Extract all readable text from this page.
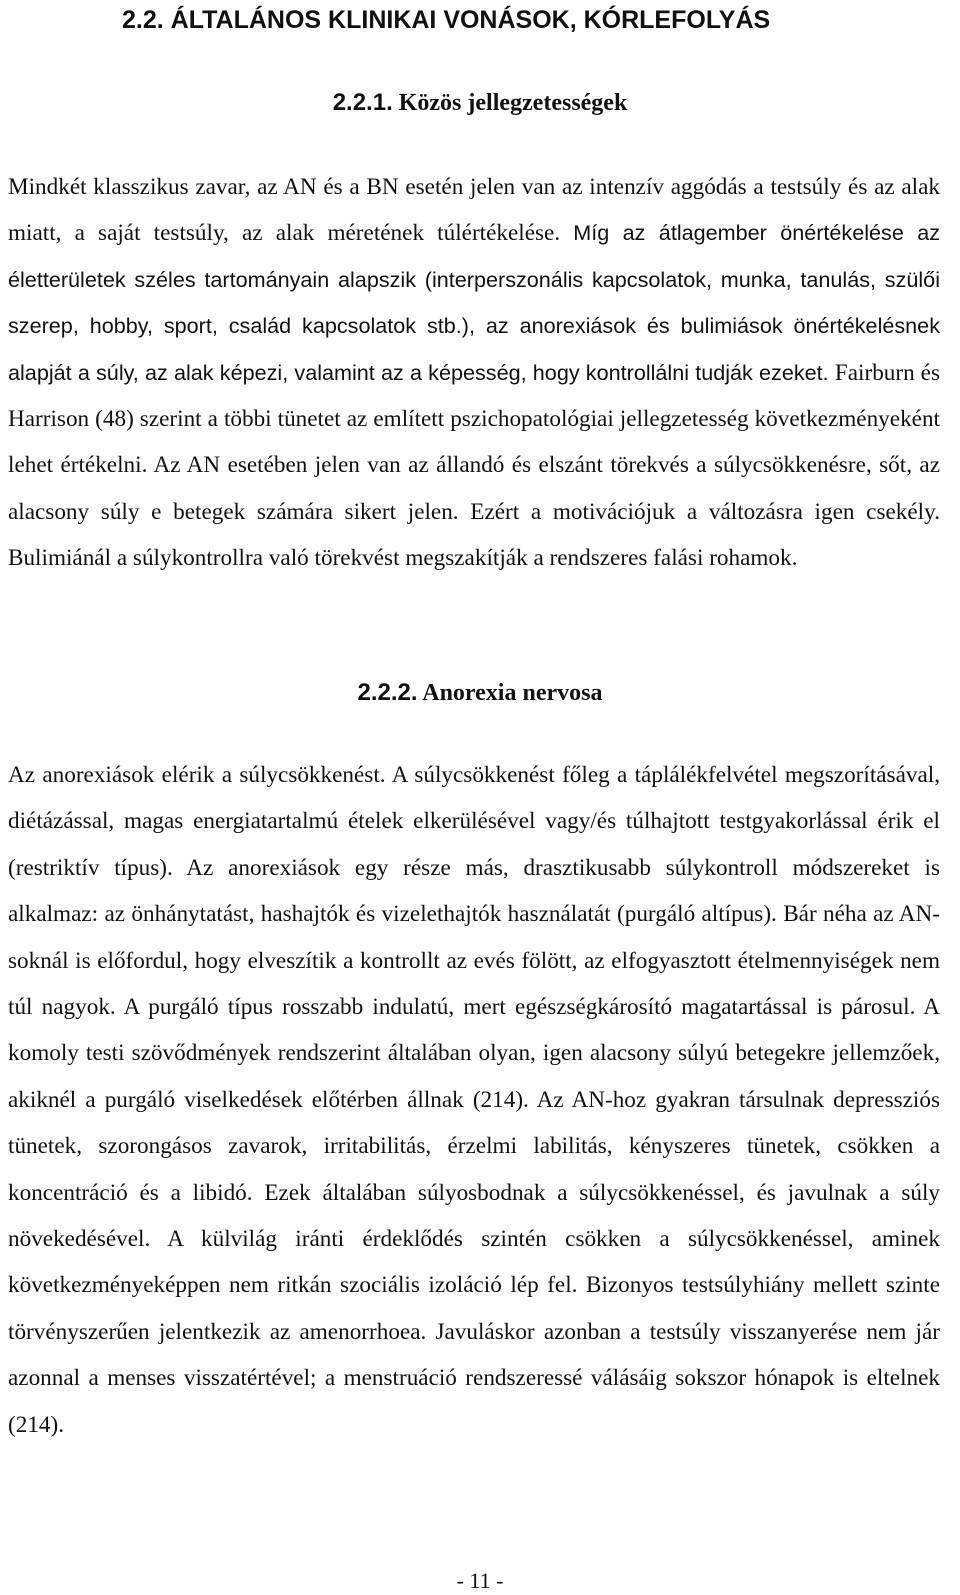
2.2. ÁLTALÁNOS KLINIKAI VONÁSOK, KÓRLEFOLYÁS
2.2.1. Közös jellegzetességek

Mindkét klasszikus zavar, az AN és a BN esetén jelen van az intenzív aggódás a testsúly és az alak miatt, a saját testsúly, az alak méretének túlértékelése. Míg az átlagember önértékelése az életterületek széles tartományain alapszik (interperszonális kapcsolatok, munka, tanulás, szülői szerep, hobby, sport, család kapcsolatok stb.), az anorexiások és bulimiások önértékelésnek alapját a súly, az alak képezi, valamint az a képesség, hogy kontrollálni tudják ezeket. Fairburn és Harrison (48) szerint a többi tünetet az említett pszichopatológiai jellegzetesség következményeként lehet értékelni. Az AN esetében jelen van az állandó és elszánt törekvés a súlycsökkenésre, sőt, az alacsony súly e betegek számára sikert jelen. Ezért a motivációjuk a változásra igen csekély. Bulimiánál a súlykontrollra való törekvést megszakítják a rendszeres falási rohamok.

2.2.2. Anorexia nervosa

Az anorexiások elérik a súlycsökkenést. A súlycsökkenést főleg a táplálékfelvétel megszorításával, diétázással, magas energiatartalmú ételek elkerülésével vagy/és túlhajtott testgyakorlással érik el (restriktív típus). Az anorexiások egy része más, drasztikusabb súlykontroll módszereket is alkalmaz: az önhánytatást, hashajtók és vizelethajtók használatát (purgáló altípus). Bár néha az AN-soknál is előfordul, hogy elveszítik a kontrollt az evés fölött, az elfogyasztott ételmennyiségek nem túl nagyok. A purgáló típus rosszabb indulatú, mert egészségkárosító magatartással is párosul. A komoly testi szövődmények rendszerint általában olyan, igen alacsony súlyú betegekre jellemzőek, akiknél a purgáló viselkedések előtérben állnak (214). Az AN-hoz gyakran társulnak depressziós tünetek, szorongásos zavarok, irritabilitás, érzelmi labilitás, kényszeres tünetek, csökken a koncentráció és a libidó. Ezek általában súlyosbodnak a súlycsökkenéssel, és javulnak a súly növekedésével. A külvilág iránti érdeklődés szintén csökken a súlycsökkenéssel, aminek következményeképpen nem ritkán szociális izoláció lép fel. Bizonyos testsúlyhiány mellett szinte törvényszerűen jelentkezik az amenorrhoea. Javuláskor azonban a testsúly visszanyerése nem jár azonnal a menses visszatértével; a menstruáció rendszeressé válásáig sokszor hónapok is eltelnek (214).

- 11 -
